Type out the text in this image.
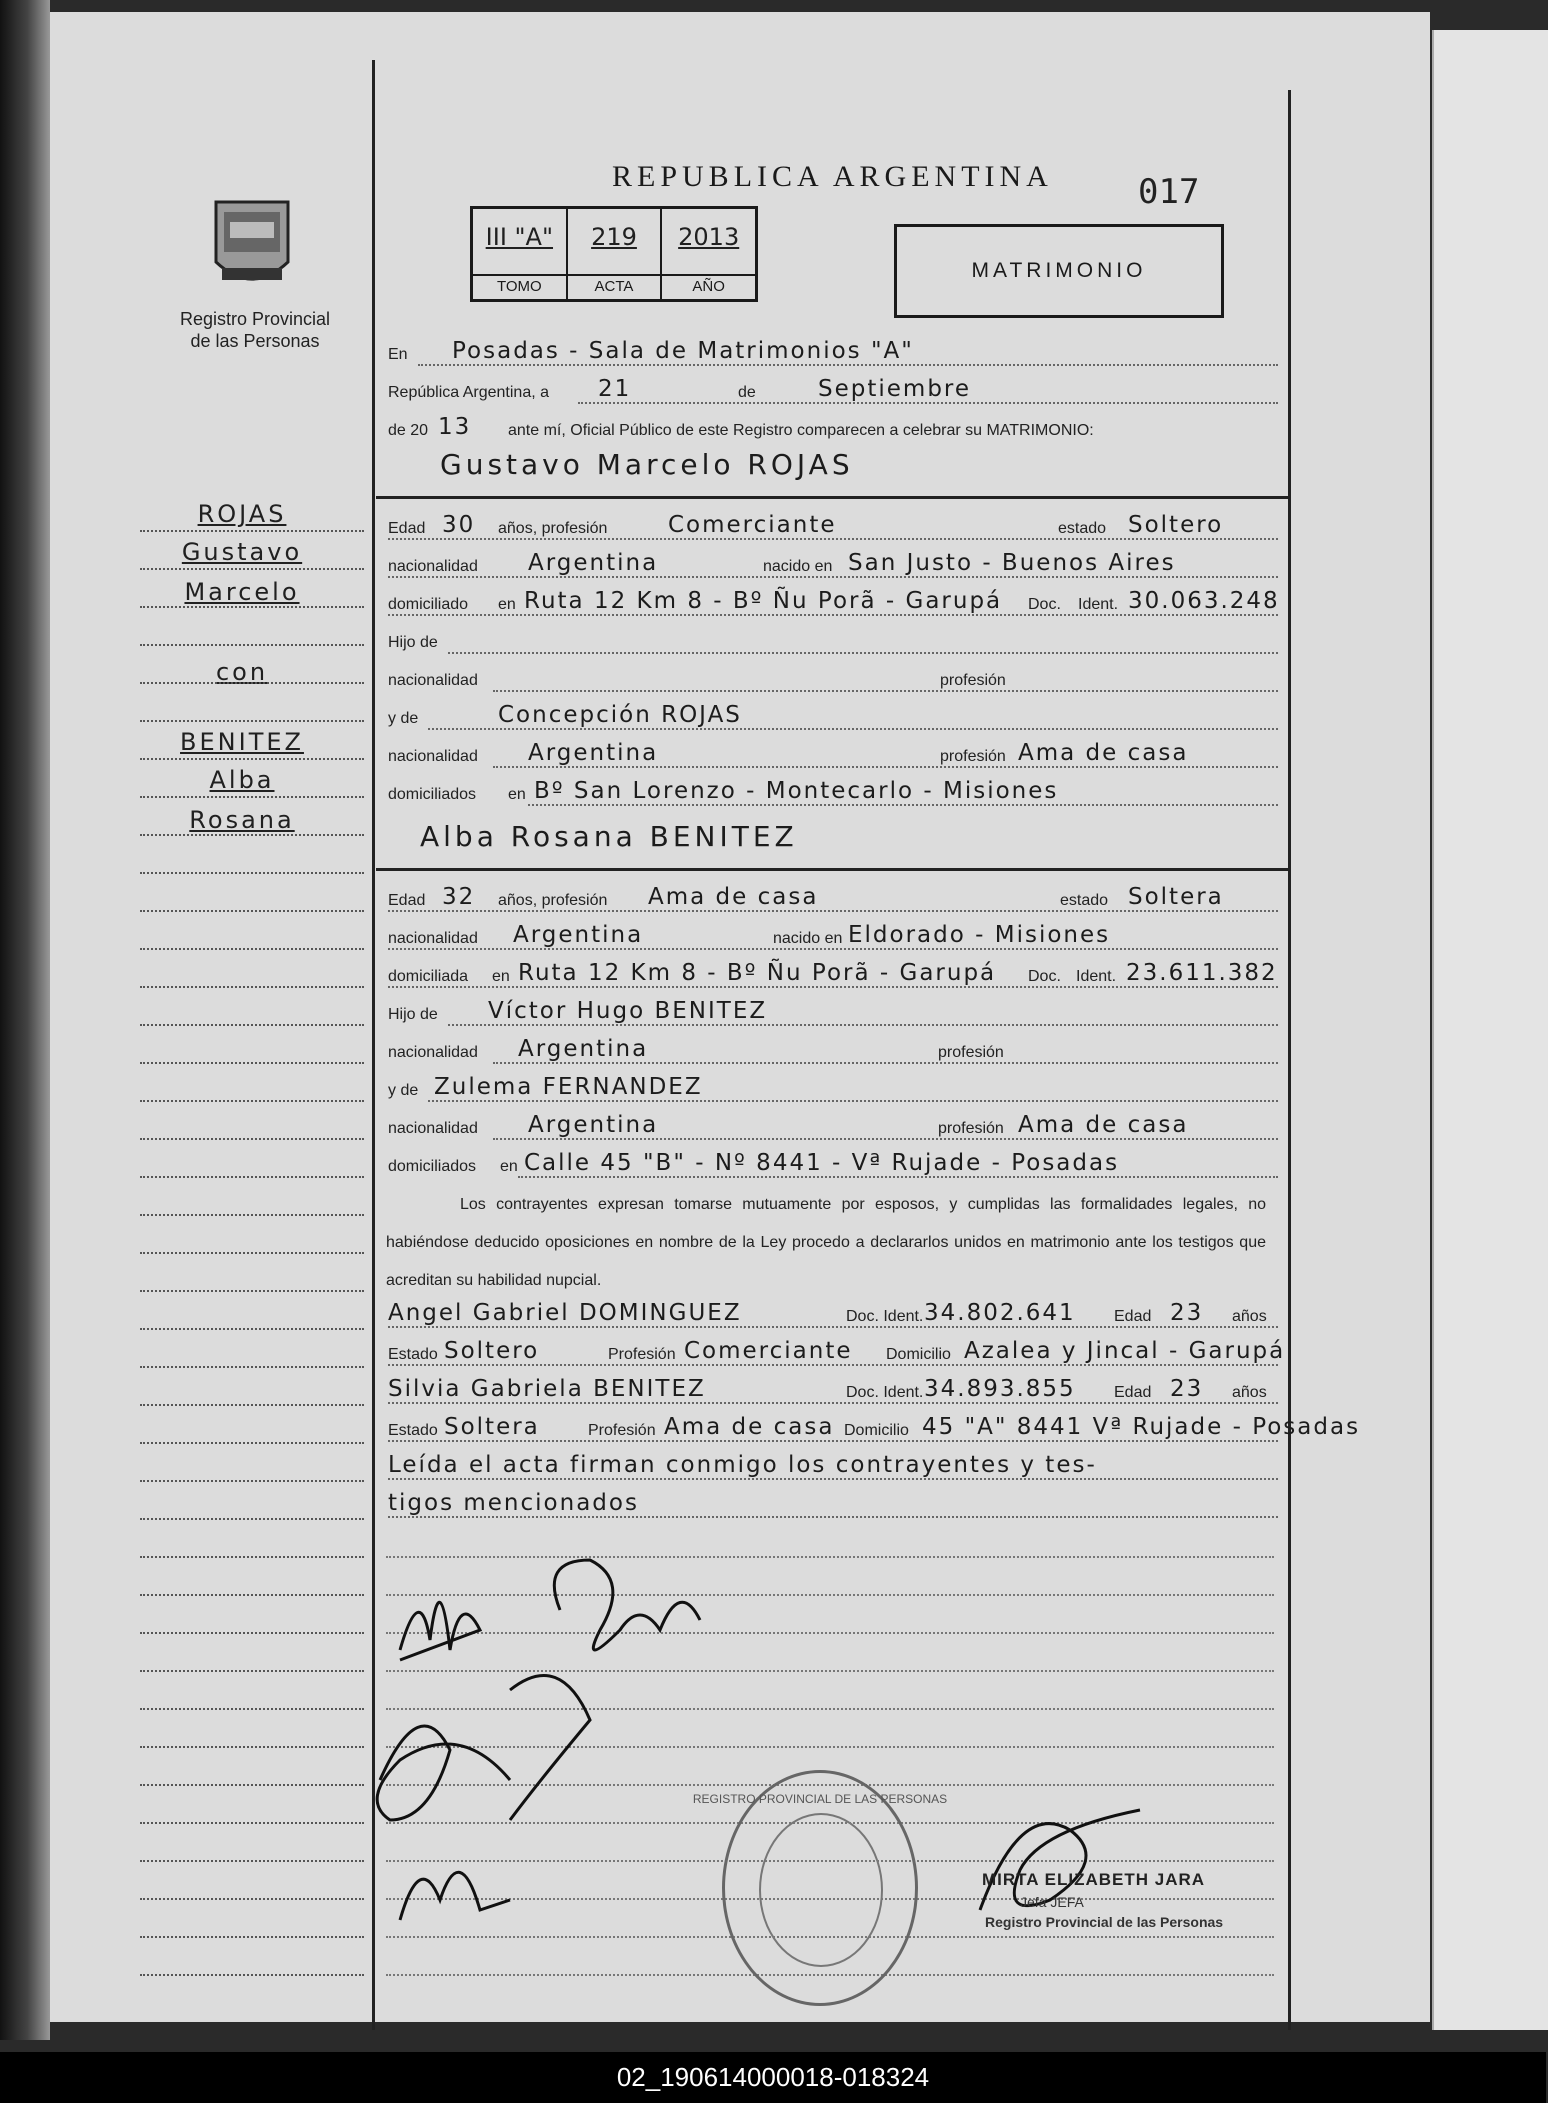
Registro Provincial
de las Personas
REPUBLICA ARGENTINA	017
III "A"
TOMO
219
ACTA
2013
AÑO
MATRIMONIO
ROJAS
Gustavo
Marcelo
con
BENITEZ
Alba
Rosana
En Posadas - Sala de Matrimonios "A"
República Argentina, a 21	de	Septiembre
de 20 13 ante mí, Oficial Público de este Registro comparecen a celebrar su MATRIMONIO:
Gustavo Marcelo ROJAS
Edad 30 años, profesión	Comerciante	estado Soltero
nacionalidad Argentina	nacido en San Justo - Buenos Aires
domiciliado en Ruta 12 Km 8 - Bº Ñu Porã - Garupá Doc. Ident. 30.063.248
Hijo de
nacionalidad	profesión
y de	Concepción ROJAS
nacionalidad Argentina	profesión Ama de casa
domiciliados en Bº San Lorenzo - Montecarlo - Misiones
Alba Rosana BENITEZ
Edad 32 años, profesión Ama de casa	estado Soltera
nacionalidad Argentina	nacido en Eldorado - Misiones
domiciliada en Ruta 12 Km 8 - Bº Ñu Porã - Garupá Doc. Ident. 23.611.382
Hijo de Víctor Hugo BENITEZ
nacionalidad Argentina	profesión
y de Zulema FERNANDEZ
nacionalidad Argentina	profesión Ama de casa
domiciliados en Calle 45 "B" - Nº 8441 - Vª Rujade - Posadas
Los contrayentes expresan tomarse mutuamente por esposos, y cumplidas las formalidades legales, no habiéndose deducido oposiciones en nombre de la Ley procedo a declararlos unidos en matrimonio ante los testigos que acreditan su habilidad nupcial.
Angel Gabriel DOMINGUEZ	Doc. Ident. 34.802.641 Edad 23 años
Estado Soltero	Profesión Comerciante Domicilio Azalea y Jincal - Garupá
Silvia Gabriela BENITEZ	Doc. Ident. 34.893.855 Edad 23 años
Estado Soltera	Profesión Ama de casa Domicilio 45 "A" 8441 Vª Rujade - Posadas
Leída el acta firman conmigo los contrayentes y tes-
tigos mencionados
REGISTRO PROVINCIAL DE LAS PERSONAS
MIRTA ELIZABETH JARA
Jefa JEFA
Registro Provincial de las Personas
02_190614000018-018324
